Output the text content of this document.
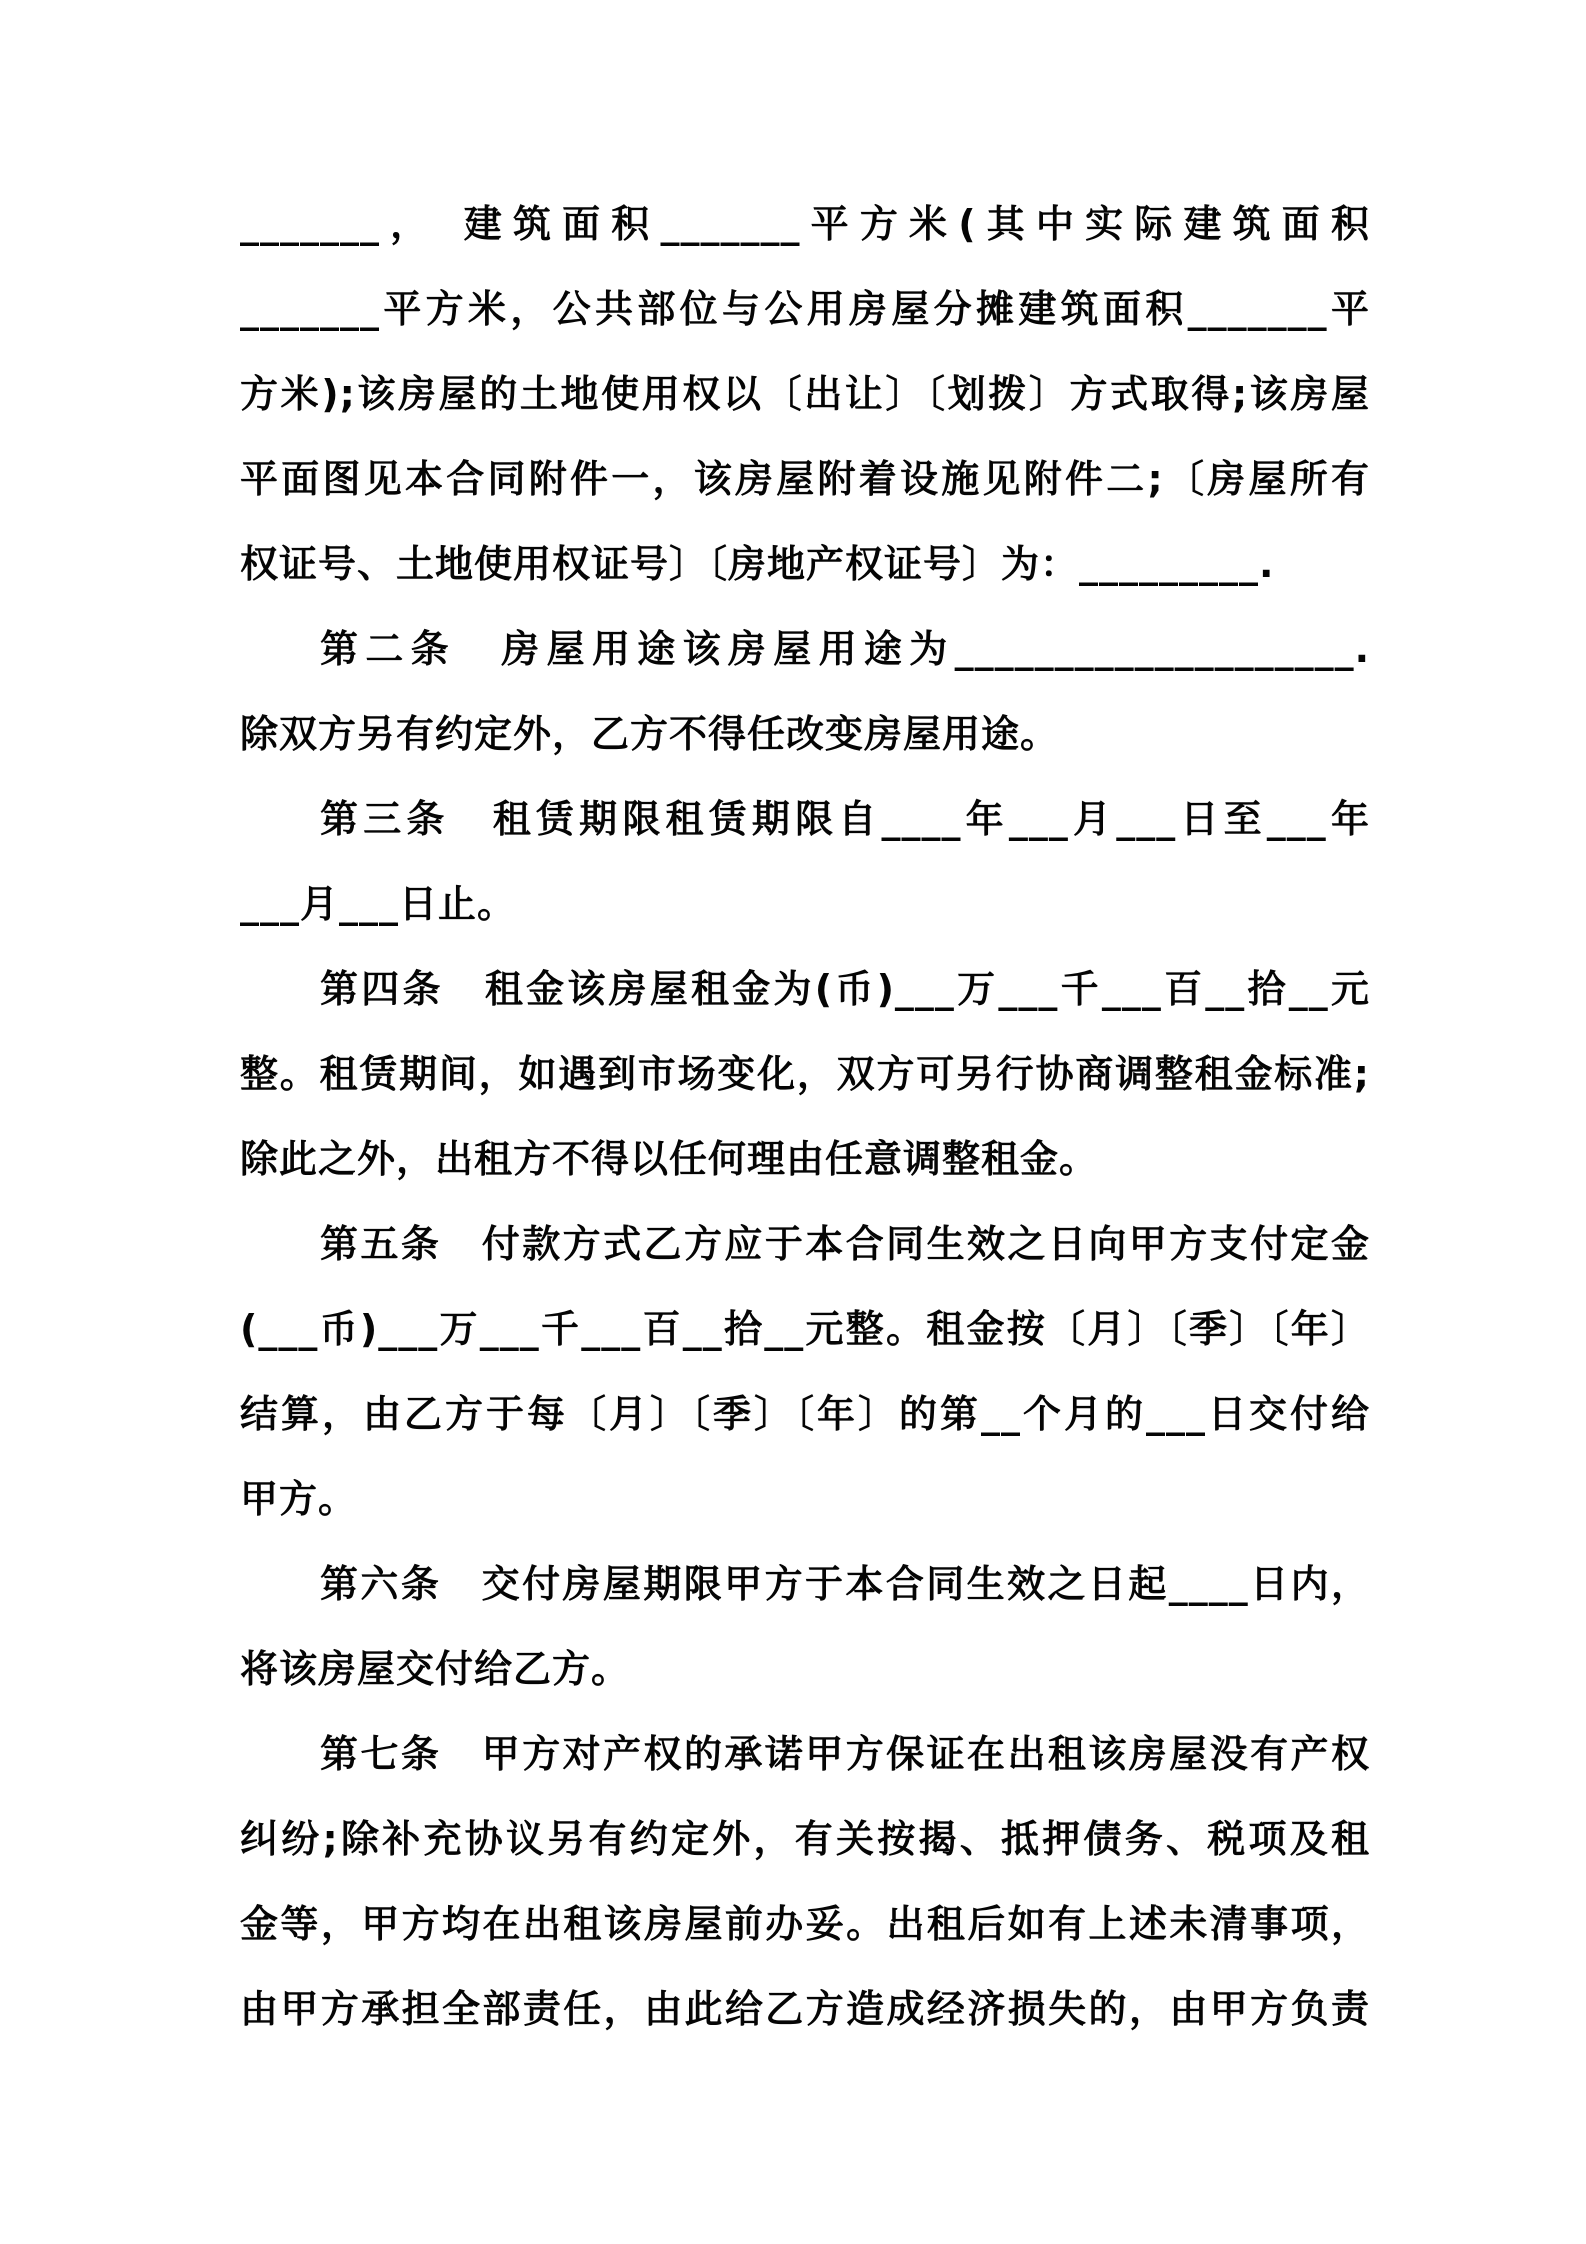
_______， 建筑面积_______平方米(其中实际建筑面积
_______平方米，公共部位与公用房屋分摊建筑面积_______平
方米);该房屋的土地使用权以〔出让〕〔划拨〕方式取得;该房屋
平面图见本合同附件一，该房屋附着设施见附件二;〔房屋所有
权证号、土地使用权证号〕〔房地产权证号〕为：_________.
第二条　房屋用途该房屋用途为____________________.
除双方另有约定外，乙方不得任改变房屋用途。
第三条　租赁期限租赁期限自____年___月___日至___年
___月___日止。
第四条　租金该房屋租金为(币)___万___千___百__拾__元
整。租赁期间，如遇到市场变化，双方可另行协商调整租金标准;
除此之外，出租方不得以任何理由任意调整租金。
第五条　付款方式乙方应于本合同生效之日向甲方支付定金
(___币)___万___千___百__拾__元整。租金按〔月〕〔季〕〔年〕
结算，由乙方于每〔月〕〔季〕〔年〕的第__个月的___日交付给
甲方。
第六条　交付房屋期限甲方于本合同生效之日起____日内，
将该房屋交付给乙方。
第七条　甲方对产权的承诺甲方保证在出租该房屋没有产权
纠纷;除补充协议另有约定外，有关按揭、抵押债务、税项及租
金等，甲方均在出租该房屋前办妥。出租后如有上述未清事项，
由甲方承担全部责任，由此给乙方造成经济损失的，由甲方负责
